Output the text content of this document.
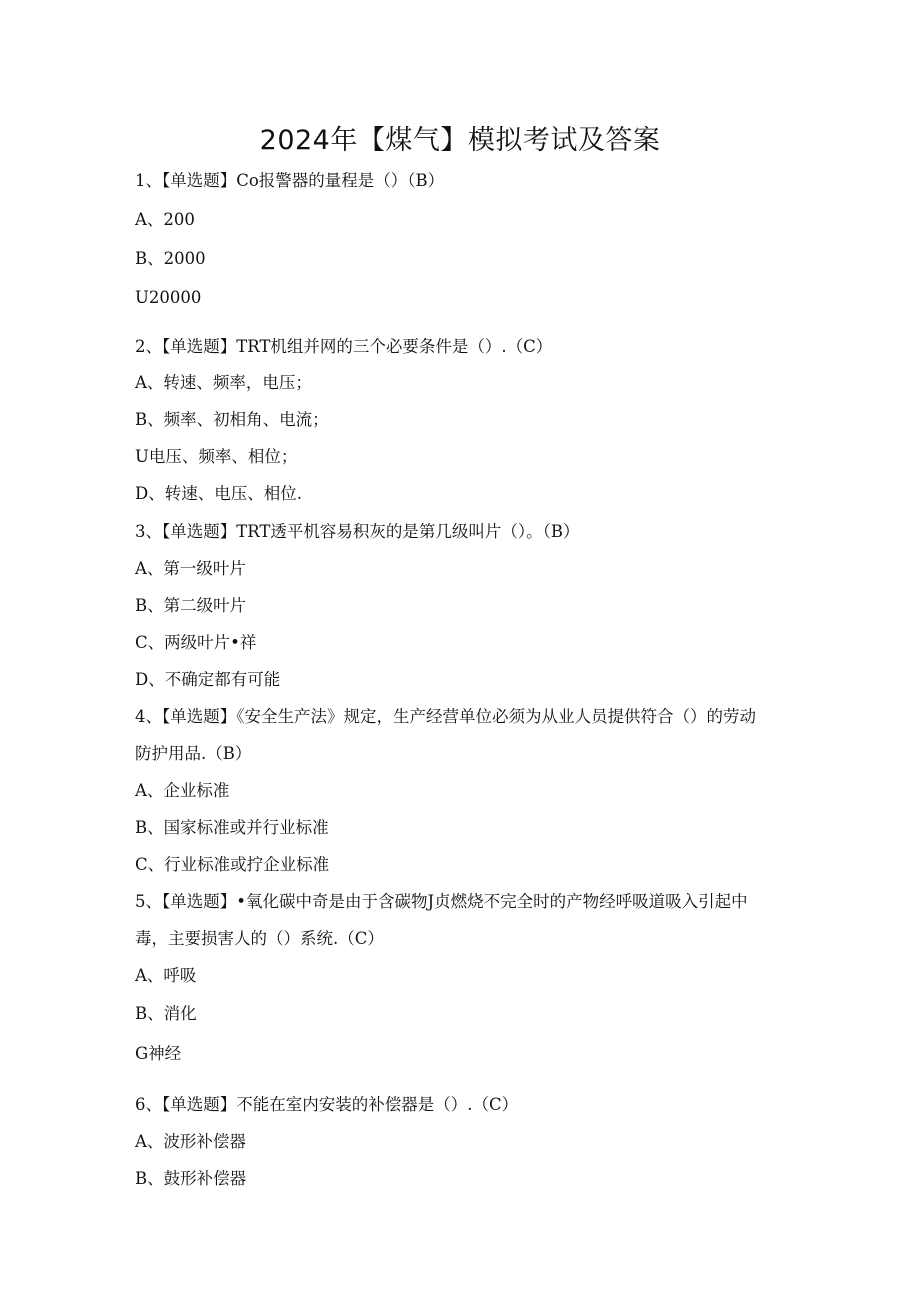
2024年【煤气】模拟考试及答案
1、【单选题】Co报警器的量程是（）（B）
A、200
B、2000
U20000
2、【单选题】TRT机组并网的三个必要条件是（）.（C）
A、转速、频率，电压；
B、频率、初相角、电流；
U电压、频率、相位；
D、转速、电压、相位.
3、【单选题】TRT透平机容易积灰的是第几级叫片（）。（B）
A、第一级叶片
B、第二级叶片
C、两级叶片•祥
D、不确定都有可能
4、【单选题】《安全生产法》规定，生产经营单位必须为从业人员提供符合（）的劳动
防护用品.（B）
A、企业标准
B、国家标准或并行业标准
C、行业标准或拧企业标准
5、【单选题】•氧化碳中奇是由于含碳物J贞燃烧不完全时的产物经呼吸道吸入引起中
毒，主要损害人的（）系统.（C）
A、呼吸
B、消化
G神经
6、【单选题】不能在室内安装的补偿器是（）.（C）
A、波形补偿器
B、鼓形补偿器
